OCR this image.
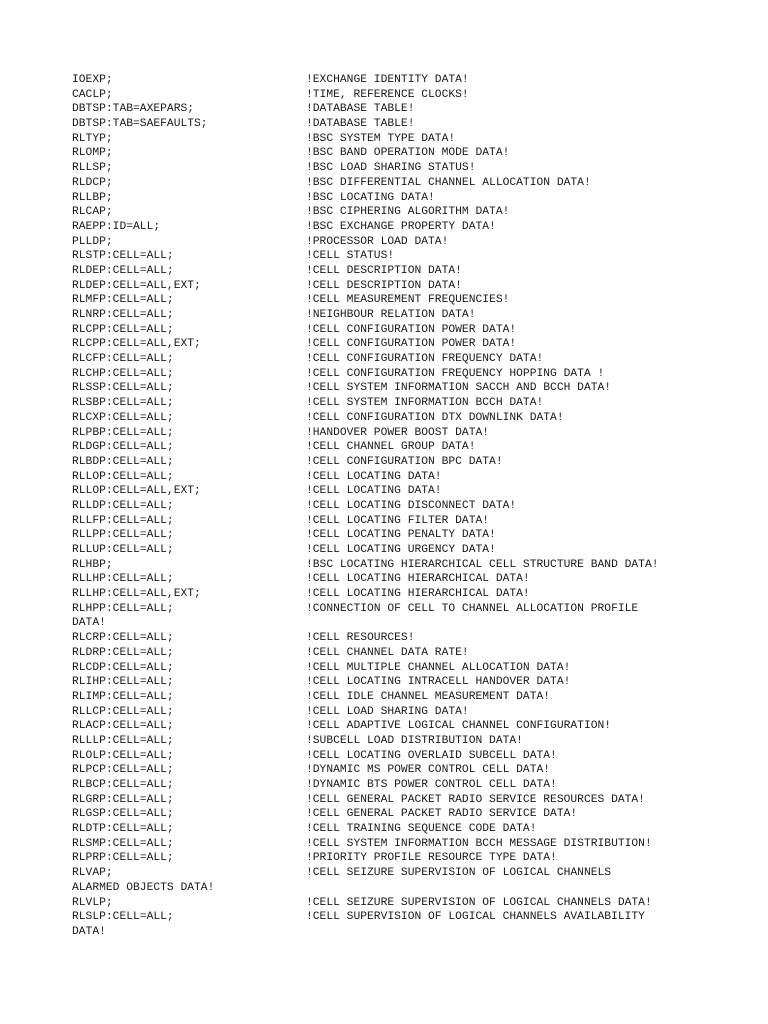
IOEXP;	!EXCHANGE IDENTITY DATA!
CACLP;	!TIME, REFERENCE CLOCKS!
DBTSP:TAB=AXEPARS;	!DATABASE TABLE!
DBTSP:TAB=SAEFAULTS;	!DATABASE TABLE!
RLTYP;	!BSC SYSTEM TYPE DATA!
RLOMP;	!BSC BAND OPERATION MODE DATA!
RLLSP;	!BSC LOAD SHARING STATUS!
RLDCP;	!BSC DIFFERENTIAL CHANNEL ALLOCATION DATA!
RLLBP;	!BSC LOCATING DATA!
RLCAP;	!BSC CIPHERING ALGORITHM DATA!
RAEPP:ID=ALL;	!BSC EXCHANGE PROPERTY DATA!
PLLDP;	!PROCESSOR LOAD DATA!
RLSTP:CELL=ALL;	!CELL STATUS!
RLDEP:CELL=ALL;	!CELL DESCRIPTION DATA!
RLDEP:CELL=ALL,EXT;	!CELL DESCRIPTION DATA!
RLMFP:CELL=ALL;	!CELL MEASUREMENT FREQUENCIES!
RLNRP:CELL=ALL;	!NEIGHBOUR RELATION DATA!
RLCPP:CELL=ALL;	!CELL CONFIGURATION POWER DATA!
RLCPP:CELL=ALL,EXT;	!CELL CONFIGURATION POWER DATA!
RLCFP:CELL=ALL;	!CELL CONFIGURATION FREQUENCY DATA!
RLCHP:CELL=ALL;	!CELL CONFIGURATION FREQUENCY HOPPING DATA !
RLSSP:CELL=ALL;	!CELL SYSTEM INFORMATION SACCH AND BCCH DATA!
RLSBP:CELL=ALL;	!CELL SYSTEM INFORMATION BCCH DATA!
RLCXP:CELL=ALL;	!CELL CONFIGURATION DTX DOWNLINK DATA!
RLPBP:CELL=ALL;	!HANDOVER POWER BOOST DATA!
RLDGP:CELL=ALL;	!CELL CHANNEL GROUP DATA!
RLBDP:CELL=ALL;	!CELL CONFIGURATION BPC DATA!
RLLOP:CELL=ALL;	!CELL LOCATING DATA!
RLLOP:CELL=ALL,EXT;	!CELL LOCATING DATA!
RLLDP:CELL=ALL;	!CELL LOCATING DISCONNECT DATA!
RLLFP:CELL=ALL;	!CELL LOCATING FILTER DATA!
RLLPP:CELL=ALL;	!CELL LOCATING PENALTY DATA!
RLLUP:CELL=ALL;	!CELL LOCATING URGENCY DATA!
RLHBP;	!BSC LOCATING HIERARCHICAL CELL STRUCTURE BAND DATA!
RLLHP:CELL=ALL;	!CELL LOCATING HIERARCHICAL DATA!
RLLHP:CELL=ALL,EXT;	!CELL LOCATING HIERARCHICAL DATA!
RLHPP:CELL=ALL;	!CONNECTION OF CELL TO CHANNEL ALLOCATION PROFILE
DATA!
RLCRP:CELL=ALL;	!CELL RESOURCES!
RLDRP:CELL=ALL;	!CELL CHANNEL DATA RATE!
RLCDP:CELL=ALL;	!CELL MULTIPLE CHANNEL ALLOCATION DATA!
RLIHP:CELL=ALL;	!CELL LOCATING INTRACELL HANDOVER DATA!
RLIMP:CELL=ALL;	!CELL IDLE CHANNEL MEASUREMENT DATA!
RLLCP:CELL=ALL;	!CELL LOAD SHARING DATA!
RLACP:CELL=ALL;	!CELL ADAPTIVE LOGICAL CHANNEL CONFIGURATION!
RLLLP:CELL=ALL;	!SUBCELL LOAD DISTRIBUTION DATA!
RLOLP:CELL=ALL;	!CELL LOCATING OVERLAID SUBCELL DATA!
RLPCP:CELL=ALL;	!DYNAMIC MS POWER CONTROL CELL DATA!
RLBCP:CELL=ALL;	!DYNAMIC BTS POWER CONTROL CELL DATA!
RLGRP:CELL=ALL;	!CELL GENERAL PACKET RADIO SERVICE RESOURCES DATA!
RLGSP:CELL=ALL;	!CELL GENERAL PACKET RADIO SERVICE DATA!
RLDTP:CELL=ALL;	!CELL TRAINING SEQUENCE CODE DATA!
RLSMP:CELL=ALL;	!CELL SYSTEM INFORMATION BCCH MESSAGE DISTRIBUTION!
RLPRP:CELL=ALL;	!PRIORITY PROFILE RESOURCE TYPE DATA!
RLVAP;	!CELL SEIZURE SUPERVISION OF LOGICAL CHANNELS
ALARMED OBJECTS DATA!
RLVLP;	!CELL SEIZURE SUPERVISION OF LOGICAL CHANNELS DATA!
RLSLP:CELL=ALL;	!CELL SUPERVISION OF LOGICAL CHANNELS AVAILABILITY
DATA!
